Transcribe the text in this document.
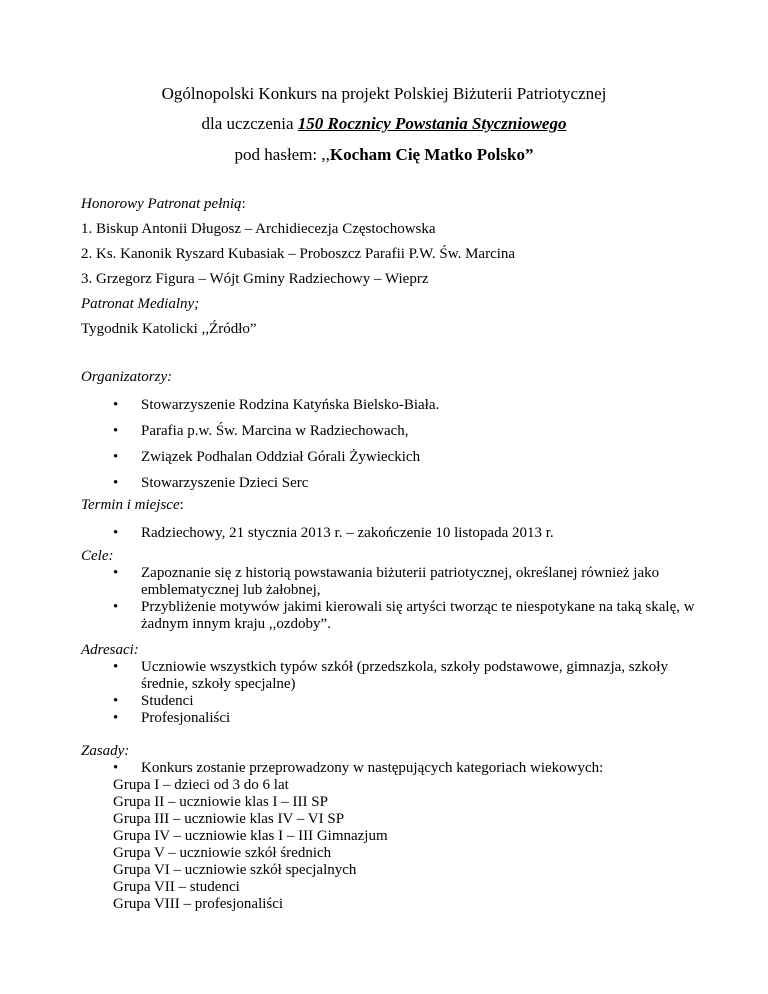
Ogólnopolski Konkurs na projekt Polskiej Biżuterii Patriotycznej
dla uczczenia 150 Rocznicy Powstania Styczniowego
pod hasłem: ,,Kocham Cię Matko Polsko”
Honorowy Patronat pełnią:
1. Biskup Antonii Długosz – Archidiecezja Częstochowska
2. Ks. Kanonik Ryszard Kubasiak – Proboszcz Parafii P.W. Św. Marcina
3. Grzegorz Figura – Wójt Gminy Radziechowy – Wieprz
Patronat Medialny;
Tygodnik Katolicki ,,Źródło”
Organizatorzy:
•	Stowarzyszenie Rodzina Katyńska Bielsko-Biała.
•	Parafia p.w. Św. Marcina w Radziechowach,
•	Związek Podhalan Oddział Górali Żywieckich
•	Stowarzyszenie Dzieci Serc
Termin i miejsce:
•	Radziechowy, 21 stycznia 2013 r. – zakończenie 10 listopada 2013 r.
Cele:
• Zapoznanie się z historią powstawania biżuterii patriotycznej, określanej również jako emblematycznej lub żałobnej,
• Przybliżenie motywów jakimi kierowali się artyści tworząc te niespotykane na taką skalę, w żadnym innym kraju ,,ozdoby”.
Adresaci:
• Uczniowie wszystkich typów szkół (przedszkola, szkoły podstawowe, gimnazja, szkoły średnie, szkoły specjalne)
• Studenci
• Profesjonaliści
Zasady:
• Konkurs zostanie przeprowadzony w następujących kategoriach wiekowych:
Grupa I – dzieci od 3 do 6 lat
Grupa II – uczniowie klas I – III SP
Grupa III – uczniowie klas IV – VI SP
Grupa IV – uczniowie klas I – III Gimnazjum
Grupa V – uczniowie szkół średnich
Grupa VI – uczniowie szkół specjalnych
Grupa VII – studenci
Grupa VIII – profesjonaliści
